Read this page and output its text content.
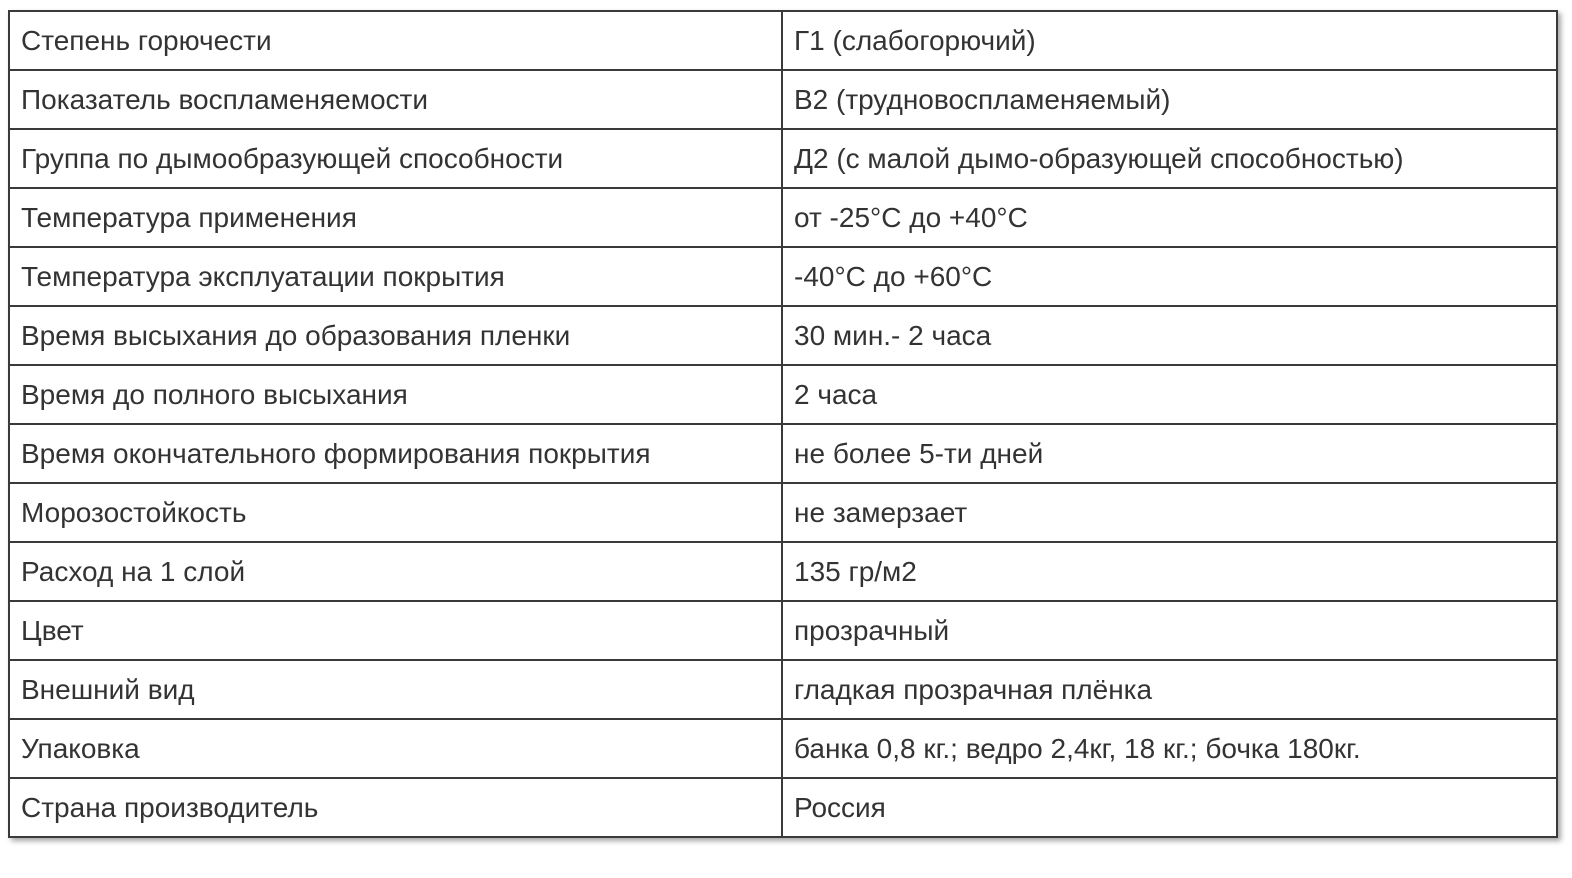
Степень горючести	Г1 (слабогорючий)
Показатель воспламеняемости	В2 (трудновоспламеняемый)
Группа по дымообразующей способности	Д2 (с малой дымо-образующей способностью)
Температура применения	от -25°С до +40°С
Температура эксплуатации покрытия	-40°С до +60°С
Время высыхания до образования пленки	30 мин.- 2 часа
Время до полного высыхания	2 часа
Время окончательного формирования покрытия	не более 5-ти дней
Морозостойкость	не замерзает
Расход на 1 слой	135 гр/м2
Цвет	прозрачный
Внешний вид	гладкая прозрачная плёнка
Упаковка	банка 0,8 кг.; ведро 2,4кг, 18 кг.; бочка 180кг.
Страна производитель	Россия
